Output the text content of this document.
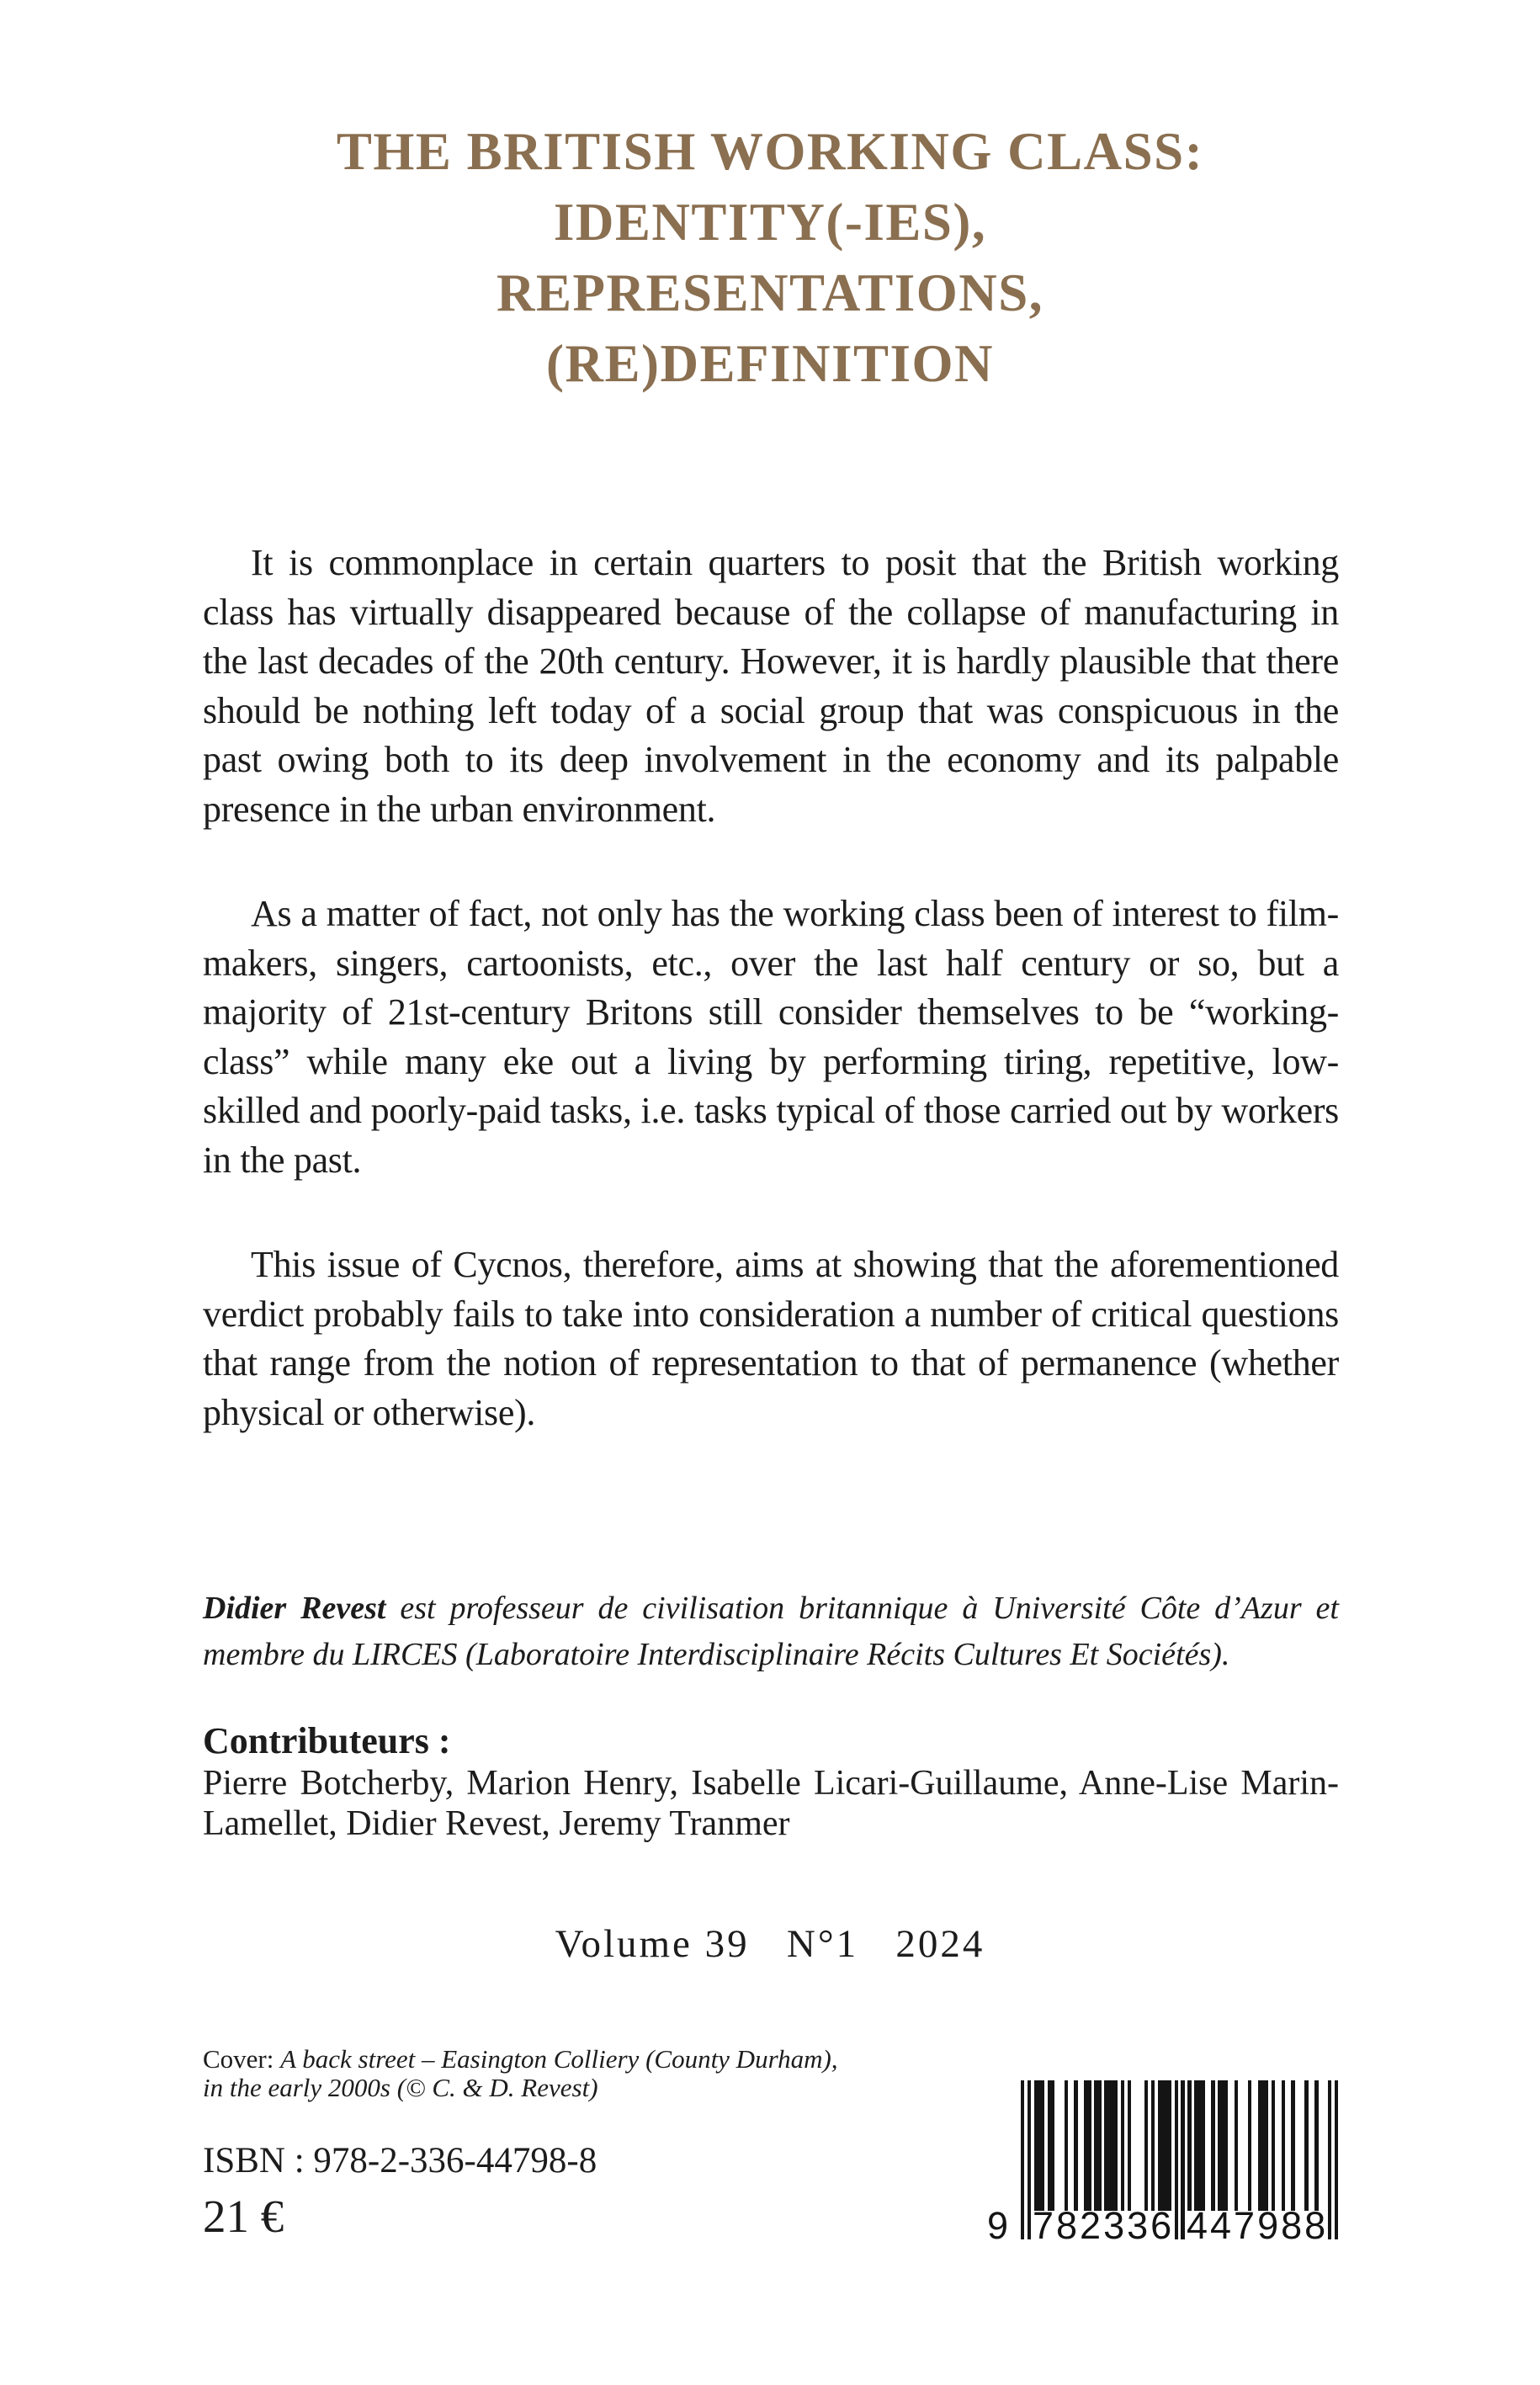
THE BRITISH WORKING CLASS:
IDENTITY(-IES),
REPRESENTATIONS,
(RE)DEFINITION

It is commonplace in certain quarters to posit that the British working class has virtually disappeared because of the collapse of manufacturing in the last decades of the 20th century. However, it is hardly plausible that there should be nothing left today of a social group that was conspicuous in the past owing both to its deep involvement in the economy and its palpable presence in the urban environment.

As a matter of fact, not only has the working class been of interest to film-makers, singers, cartoonists, etc., over the last half century or so, but a majority of 21st-century Britons still consider themselves to be “working-class” while many eke out a living by performing tiring, repetitive, low-skilled and poorly-paid tasks, i.e. tasks typical of those carried out by workers in the past.

This issue of Cycnos, therefore, aims at showing that the aforementioned verdict probably fails to take into consideration a number of critical questions that range from the notion of representation to that of permanence (whether physical or otherwise).

Didier Revest est professeur de civilisation britannique à Université Côte d’Azur et membre du LIRCES (Laboratoire Interdisciplinaire Récits Cultures Et Sociétés).
Contributeurs :
Pierre Botcherby, Marion Henry, Isabelle Licari-Guillaume, Anne-Lise Marin-Lamellet, Didier Revest, Jeremy Tranmer
Volume 39   N°1   2024
Cover: A back street – Easington Colliery (County Durham),
in the early 2000s (© C. & D. Revest)
ISBN : 978-2-336-44798-8
21 €	9 782336 447988
